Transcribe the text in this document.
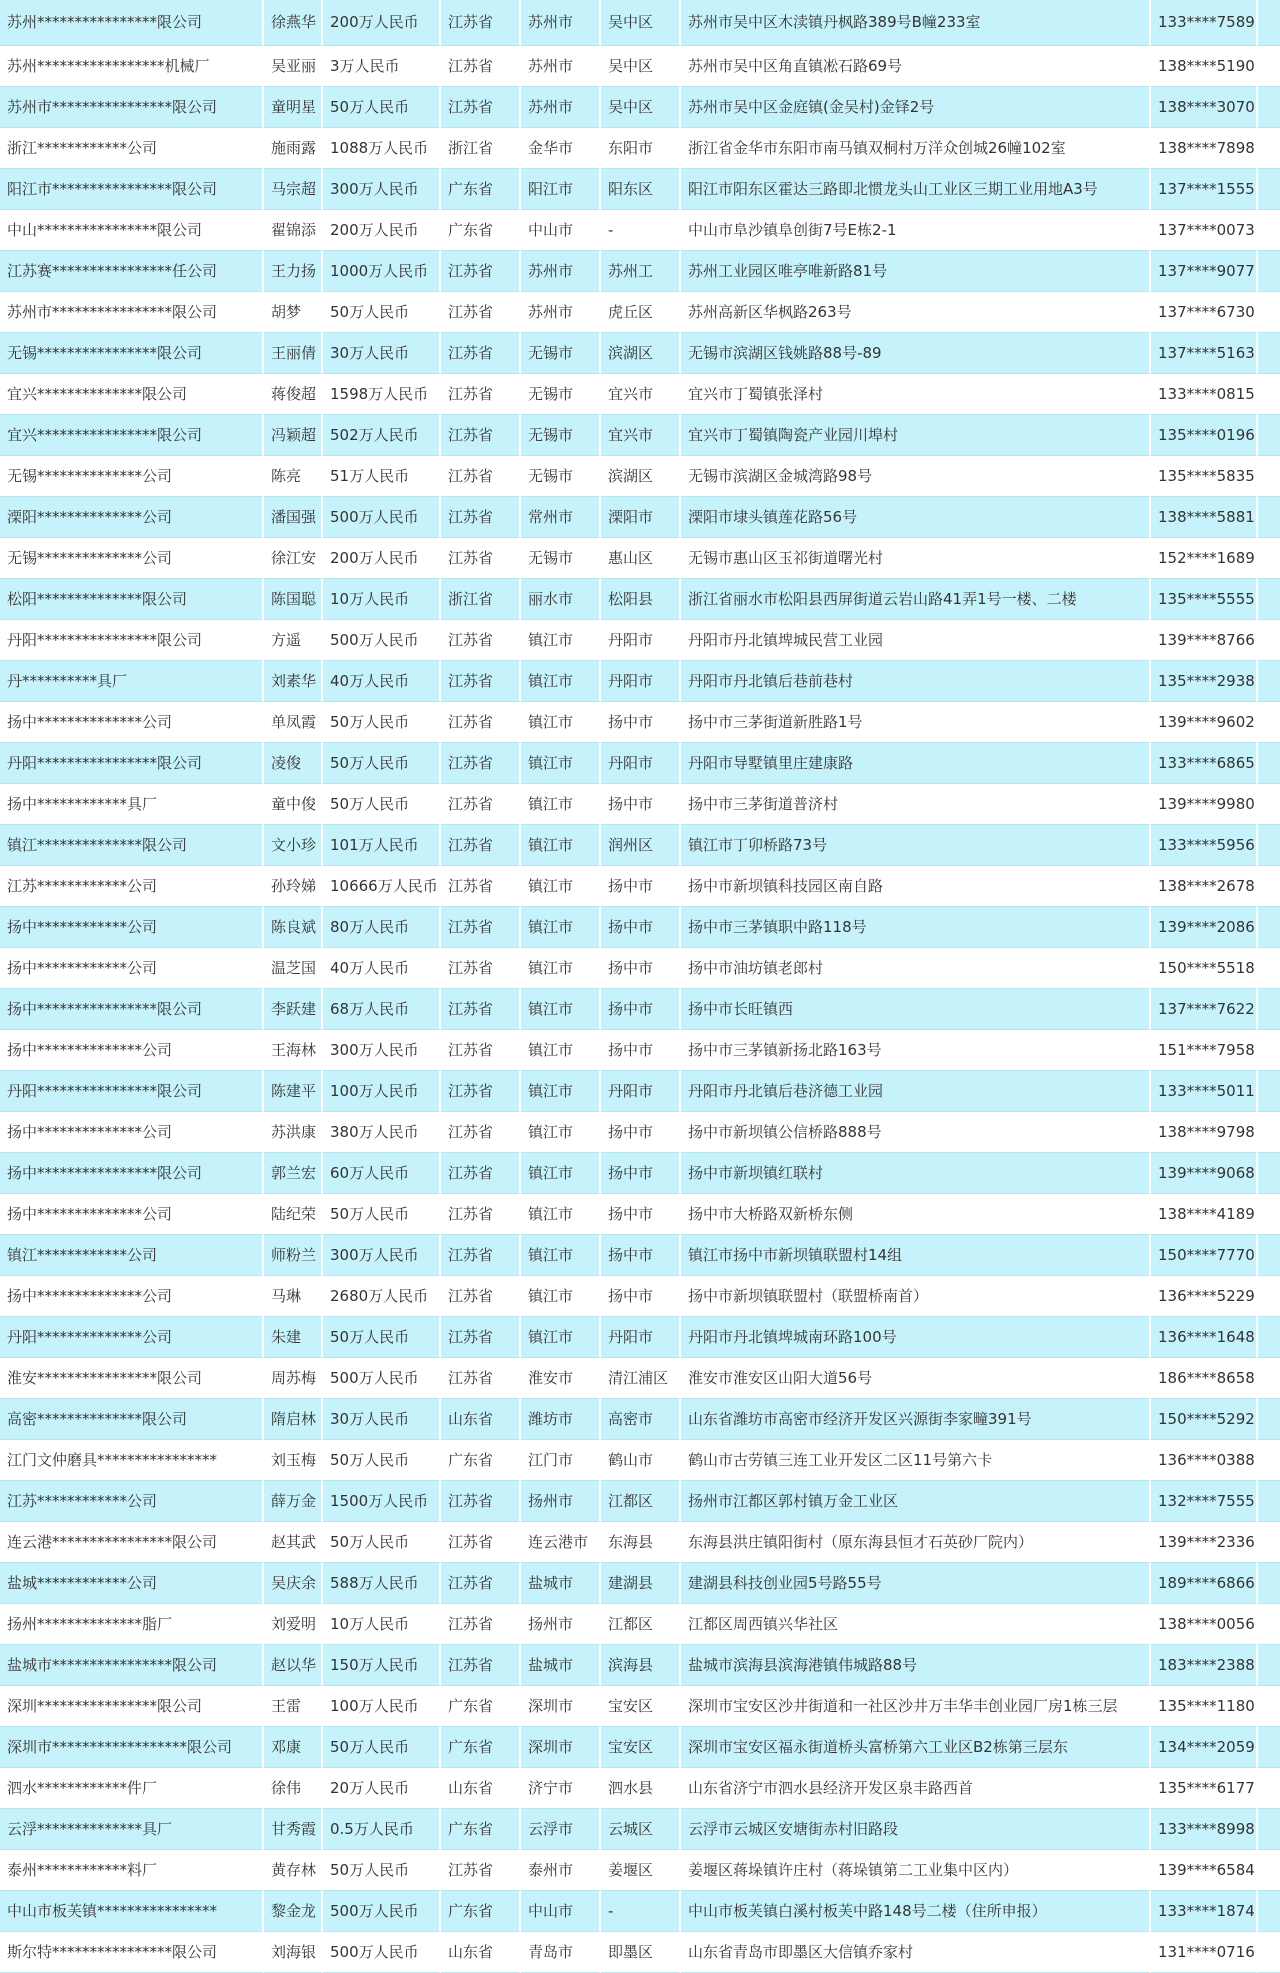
苏州****************限公司	徐燕华	200万人民币	江苏省	苏州市	吴中区	苏州市吴中区木渎镇丹枫路389号B幢233室	133****7589	
苏州*****************机械厂	吴亚丽	3万人民币	江苏省	苏州市	吴中区	苏州市吴中区角直镇凇石路69号	138****5190	
苏州市****************限公司	童明星	50万人民币	江苏省	苏州市	吴中区	苏州市吴中区金庭镇(金吴村)金铎2号	138****3070	
浙江************公司	施雨露	1088万人民币	浙江省	金华市	东阳市	浙江省金华市东阳市南马镇双桐村万洋众创城26幢102室	138****7898	
阳江市****************限公司	马宗超	300万人民币	广东省	阳江市	阳东区	阳江市阳东区霍达三路即北惯龙头山工业区三期工业用地A3号	137****1555	
中山****************限公司	翟锦添	200万人民币	广东省	中山市	-	中山市阜沙镇阜创街7号E栋2-1	137****0073	
江苏赛****************任公司	王力扬	1000万人民币	江苏省	苏州市	苏州工	苏州工业园区唯亭唯新路81号	137****9077	
苏州市****************限公司	胡梦	50万人民币	江苏省	苏州市	虎丘区	苏州高新区华枫路263号	137****6730	
无锡****************限公司	王丽倩	30万人民币	江苏省	无锡市	滨湖区	无锡市滨湖区钱姚路88号-89	137****5163	
宜兴**************限公司	蒋俊超	1598万人民币	江苏省	无锡市	宜兴市	宜兴市丁蜀镇张泽村	133****0815	
宜兴****************限公司	冯颖超	502万人民币	江苏省	无锡市	宜兴市	宜兴市丁蜀镇陶瓷产业园川埠村	135****0196	
无锡**************公司	陈亮	51万人民币	江苏省	无锡市	滨湖区	无锡市滨湖区金城湾路98号	135****5835	
溧阳**************公司	潘国强	500万人民币	江苏省	常州市	溧阳市	溧阳市埭头镇莲花路56号	138****5881	
无锡**************公司	徐江安	200万人民币	江苏省	无锡市	惠山区	无锡市惠山区玉祁街道曙光村	152****1689	
松阳**************限公司	陈国聪	10万人民币	浙江省	丽水市	松阳县	浙江省丽水市松阳县西屏街道云岩山路41弄1号一楼、二楼	135****5555	
丹阳****************限公司	方遥	500万人民币	江苏省	镇江市	丹阳市	丹阳市丹北镇埤城民营工业园	139****8766	
丹**********具厂	刘素华	40万人民币	江苏省	镇江市	丹阳市	丹阳市丹北镇后巷前巷村	135****2938	
扬中**************公司	单凤霞	50万人民币	江苏省	镇江市	扬中市	扬中市三茅街道新胜路1号	139****9602	
丹阳****************限公司	凌俊	50万人民币	江苏省	镇江市	丹阳市	丹阳市导墅镇里庄建康路	133****6865	
扬中************具厂	童中俊	50万人民币	江苏省	镇江市	扬中市	扬中市三茅街道普济村	139****9980	
镇江**************限公司	文小珍	101万人民币	江苏省	镇江市	润州区	镇江市丁卯桥路73号	133****5956	
江苏************公司	孙玲娣	10666万人民币	江苏省	镇江市	扬中市	扬中市新坝镇科技园区南自路	138****2678	
扬中************公司	陈良斌	80万人民币	江苏省	镇江市	扬中市	扬中市三茅镇职中路118号	139****2086	
扬中************公司	温芝国	40万人民币	江苏省	镇江市	扬中市	扬中市油坊镇老郎村	150****5518	
扬中****************限公司	李跃建	68万人民币	江苏省	镇江市	扬中市	扬中市长旺镇西	137****7622	
扬中**************公司	王海林	300万人民币	江苏省	镇江市	扬中市	扬中市三茅镇新扬北路163号	151****7958	
丹阳****************限公司	陈建平	100万人民币	江苏省	镇江市	丹阳市	丹阳市丹北镇后巷济德工业园	133****5011	
扬中**************公司	苏洪康	380万人民币	江苏省	镇江市	扬中市	扬中市新坝镇公信桥路888号	138****9798	
扬中****************限公司	郭兰宏	60万人民币	江苏省	镇江市	扬中市	扬中市新坝镇红联村	139****9068	
扬中**************公司	陆纪荣	50万人民币	江苏省	镇江市	扬中市	扬中市大桥路双新桥东侧	138****4189	
镇江************公司	师粉兰	300万人民币	江苏省	镇江市	扬中市	镇江市扬中市新坝镇联盟村14组	150****7770	
扬中**************公司	马琳	2680万人民币	江苏省	镇江市	扬中市	扬中市新坝镇联盟村（联盟桥南首）	136****5229	
丹阳**************公司	朱建	50万人民币	江苏省	镇江市	丹阳市	丹阳市丹北镇埤城南环路100号	136****1648	
淮安****************限公司	周苏梅	500万人民币	江苏省	淮安市	清江浦区	淮安市淮安区山阳大道56号	186****8658	
高密**************限公司	隋启林	30万人民币	山东省	潍坊市	高密市	山东省潍坊市高密市经济开发区兴源街李家疃391号	150****5292	
江门文仲磨具****************	刘玉梅	50万人民币	广东省	江门市	鹤山市	鹤山市古劳镇三连工业开发区二区11号第六卡	136****0388	
江苏************公司	薛万金	1500万人民币	江苏省	扬州市	江都区	扬州市江都区郭村镇万金工业区	132****7555	
连云港****************限公司	赵其武	50万人民币	江苏省	连云港市	东海县	东海县洪庄镇阳街村（原东海县恒才石英砂厂院内）	139****2336	
盐城************公司	吴庆余	588万人民币	江苏省	盐城市	建湖县	建湖县科技创业园5号路55号	189****6866	
扬州**************脂厂	刘爱明	10万人民币	江苏省	扬州市	江都区	江都区周西镇兴华社区	138****0056	
盐城市****************限公司	赵以华	150万人民币	江苏省	盐城市	滨海县	盐城市滨海县滨海港镇伟城路88号	183****2388	
深圳****************限公司	王雷	100万人民币	广东省	深圳市	宝安区	深圳市宝安区沙井街道和一社区沙井万丰华丰创业园厂房1栋三层	135****1180	
深圳市******************限公司	邓康	50万人民币	广东省	深圳市	宝安区	深圳市宝安区福永街道桥头富桥第六工业区B2栋第三层东	134****2059	
泗水************件厂	徐伟	20万人民币	山东省	济宁市	泗水县	山东省济宁市泗水县经济开发区泉丰路西首	135****6177	
云浮**************具厂	甘秀霞	0.5万人民币	广东省	云浮市	云城区	云浮市云城区安塘街赤村旧路段	133****8998	
泰州************料厂	黄存林	50万人民币	江苏省	泰州市	姜堰区	姜堰区蒋垛镇许庄村（蒋垛镇第二工业集中区内）	139****6584	
中山市板芙镇****************	黎金龙	500万人民币	广东省	中山市	-	中山市板芙镇白溪村板芙中路148号二楼（住所申报）	133****1874	
斯尔特****************限公司	刘海银	500万人民币	山东省	青岛市	即墨区	山东省青岛市即墨区大信镇乔家村	131****0716	
